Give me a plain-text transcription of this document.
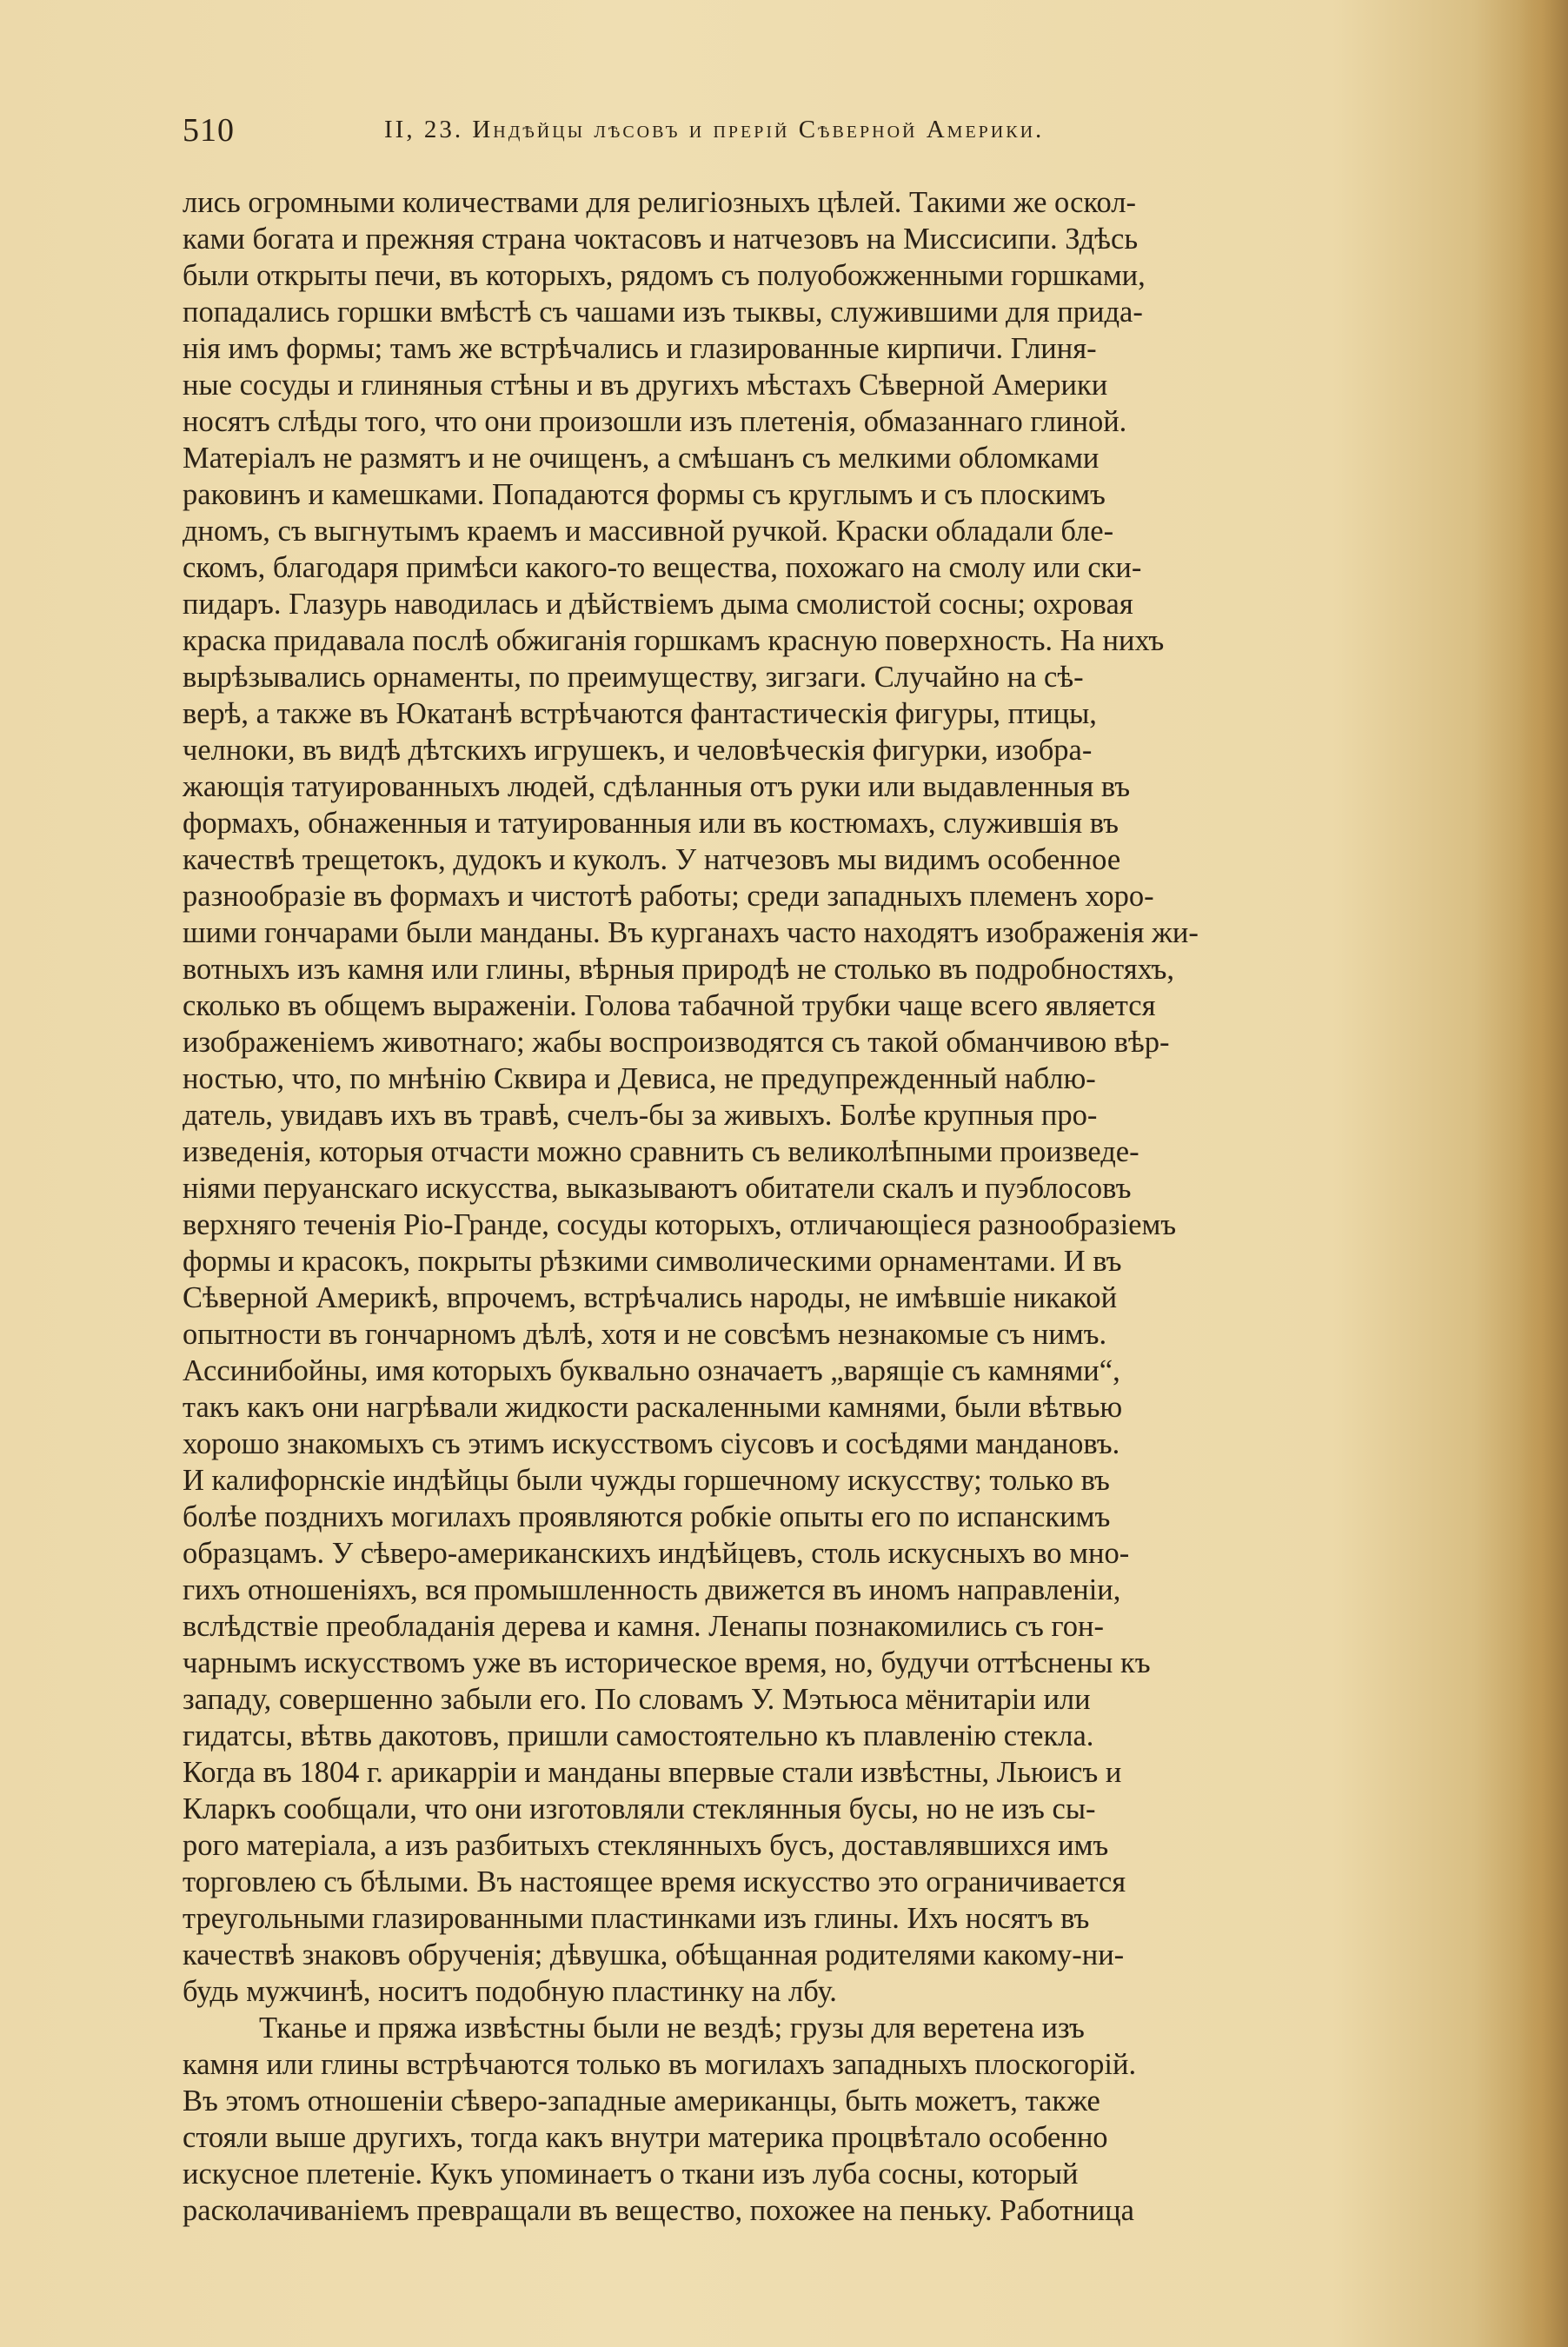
510	II, 23. Индѣйцы лѣсовъ и прерій Сѣверной Америки.
лись огромными количествами для религіозныхъ цѣлей. Такими же оскол-
ками богата и прежняя страна чоктасовъ и натчезовъ на Миссисипи. Здѣсь
были открыты печи, въ которыхъ, рядомъ съ полуобожженными горшками,
попадались горшки вмѣстѣ съ чашами изъ тыквы, служившими для прида-
нія имъ формы; тамъ же встрѣчались и глазированные кирпичи. Глиня-
ные сосуды и глиняныя стѣны и въ другихъ мѣстахъ Сѣверной Америки
носятъ слѣды того, что они произошли изъ плетенія, обмазаннаго глиной.
Матеріалъ не размятъ и не очищенъ, а смѣшанъ съ мелкими обломками
раковинъ и камешками. Попадаются формы съ круглымъ и съ плоскимъ
дномъ, съ выгнутымъ краемъ и массивной ручкой. Краски обладали бле-
скомъ, благодаря примѣси какого-то вещества, похожаго на смолу или ски-
пидаръ. Глазурь наводилась и дѣйствіемъ дыма смолистой сосны; охровая
краска придавала послѣ обжиганія горшкамъ красную поверхность. На нихъ
вырѣзывались орнаменты, по преимуществу, зигзаги. Случайно на сѣ-
верѣ, а также въ Юкатанѣ встрѣчаются фантастическія фигуры, птицы,
челноки, въ видѣ дѣтскихъ игрушекъ, и человѣческія фигурки, изобра-
жающія татуированныхъ людей, сдѣланныя отъ руки или выдавленныя въ
формахъ, обнаженныя и татуированныя или въ костюмахъ, служившія въ
качествѣ трещетокъ, дудокъ и куколъ. У натчезовъ мы видимъ особенное
разнообразіе въ формахъ и чистотѣ работы; среди западныхъ племенъ хоро-
шими гончарами были манданы. Въ курганахъ часто находятъ изображенія жи-
вотныхъ изъ камня или глины, вѣрныя природѣ не столько въ подробностяхъ,
сколько въ общемъ выраженіи. Голова табачной трубки чаще всего является
изображеніемъ животнаго; жабы воспроизводятся съ такой обманчивою вѣр-
ностью, что, по мнѣнію Сквира и Девиса, не предупрежденный наблю-
датель, увидавъ ихъ въ травѣ, счелъ-бы за живыхъ. Болѣе крупныя про-
изведенія, которыя отчасти можно сравнить съ великолѣпными произведе-
ніями перуанскаго искусства, выказываютъ обитатели скалъ и пуэблосовъ
верхняго теченія Ріо-Гранде, сосуды которыхъ, отличающіеся разнообразіемъ
формы и красокъ, покрыты рѣзкими символическими орнаментами. И въ
Сѣверной Америкѣ, впрочемъ, встрѣчались народы, не имѣвшіе никакой
опытности въ гончарномъ дѣлѣ, хотя и не совсѣмъ незнакомые съ нимъ.
Ассинибойны, имя которыхъ буквально означаетъ „варящіе съ камнями“,
такъ какъ они нагрѣвали жидкости раскаленными камнями, были вѣтвью
хорошо знакомыхъ съ этимъ искусствомъ сіусовъ и сосѣдями мандановъ.
И калифорнскіе индѣйцы были чужды горшечному искусству; только въ
болѣе позднихъ могилахъ проявляются робкіе опыты его по испанскимъ
образцамъ. У сѣверо-американскихъ индѣйцевъ, столь искусныхъ во мно-
гихъ отношеніяхъ, вся промышленность движется въ иномъ направленіи,
вслѣдствіе преобладанія дерева и камня. Ленапы познакомились съ гон-
чарнымъ искусствомъ уже въ историческое время, но, будучи оттѣснены къ
западу, совершенно забыли его. По словамъ У. Мэтьюса мёнитаріи или
гидатсы, вѣтвь дакотовъ, пришли самостоятельно къ плавленію стекла.
Когда въ 1804 г. арикарріи и манданы впервые стали извѣстны, Льюисъ и
Кларкъ сообщали, что они изготовляли стеклянныя бусы, но не изъ сы-
рого матеріала, а изъ разбитыхъ стеклянныхъ бусъ, доставлявшихся имъ
торговлею съ бѣлыми. Въ настоящее время искусство это ограничивается
треугольными глазированными пластинками изъ глины. Ихъ носятъ въ
качествѣ знаковъ обрученія; дѣвушка, обѣщанная родителями какому-ни-
будь мужчинѣ, носитъ подобную пластинку на лбу.
Тканье и пряжа извѣстны были не вездѣ; грузы для веретена изъ
камня или глины встрѣчаются только въ могилахъ западныхъ плоскогорій.
Въ этомъ отношеніи сѣверо-западные американцы, быть можетъ, также
стояли выше другихъ, тогда какъ внутри материка процвѣтало особенно
искусное плетеніе. Кукъ упоминаетъ о ткани изъ луба сосны, который
расколачиваніемъ превращали въ вещество, похожее на пеньку. Работница
